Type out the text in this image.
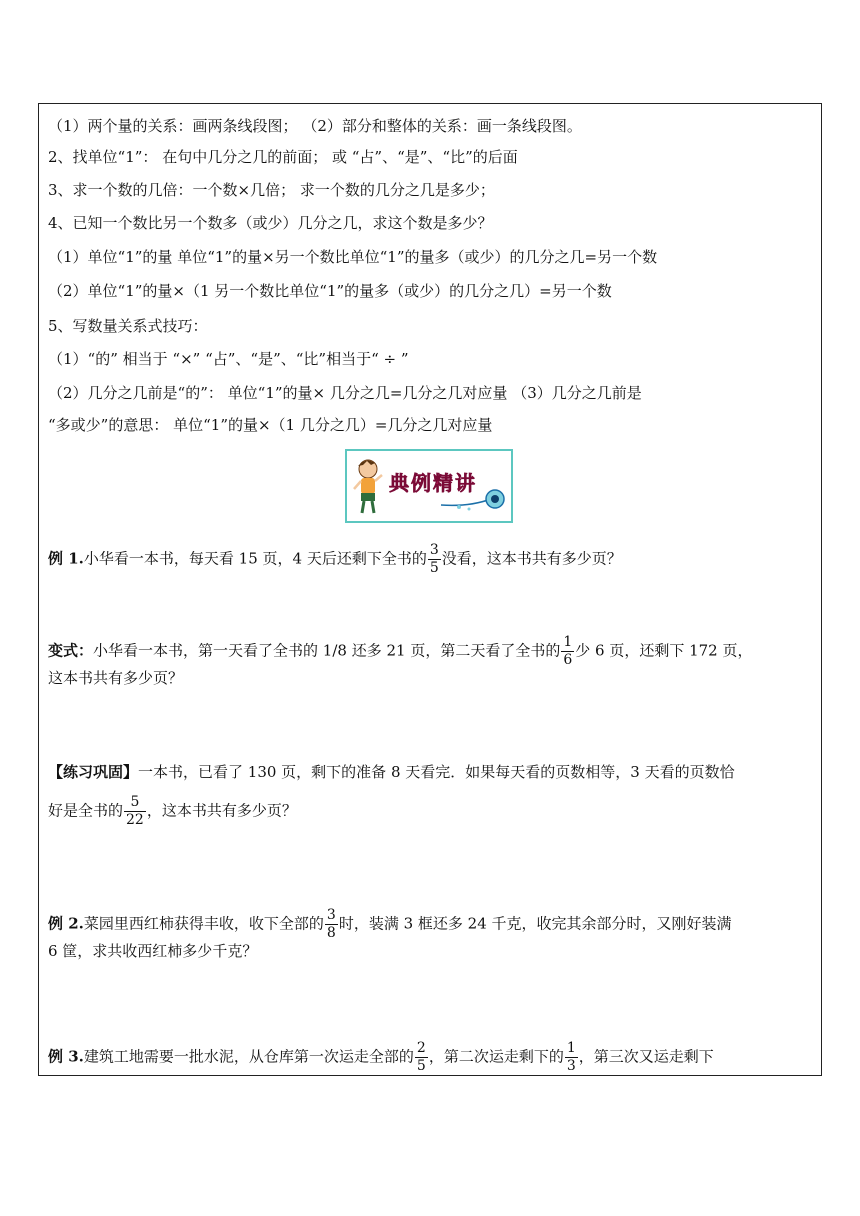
（1）两个量的关系：画两条线段图； （2）部分和整体的关系：画一条线段图。
2、找单位“1”： 在句中几分之几的前面； 或 “占”、“是”、“比”的后面
3、求一个数的几倍：一个数×几倍； 求一个数的几分之几是多少；
4、已知一个数比另一个数多（或少）几分之几，求这个数是多少？
（1）单位“1”的量 单位“1”的量×另一个数比单位“1”的量多（或少）的几分之几=另一个数
（2）单位“1”的量×（1 另一个数比单位“1”的量多（或少）的几分之几）=另一个数
5、写数量关系式技巧：
（1）“的” 相当于 “×” “占”、“是”、“比”相当于“ ÷ ”
（2）几分之几前是“的”： 单位“1”的量× 几分之几=几分之几对应量 （3）几分之几前是
“多或少”的意思： 单位“1”的量×（1 几分之几）=几分之几对应量
典例精讲
例 1.小华看一本书，每天看 15 页，4 天后还剩下全书的 $\frac{3}{5}$ 没看，这本书共有多少页？
变式：小华看一本书，第一天看了全书的 1/8 还多 21 页，第二天看了全书的 $\frac{1}{6}$ 少 6 页，还剩下 172 页，
这本书共有多少页？
【练习巩固】一本书，已看了 130 页，剩下的准备 8 天看完．如果每天看的页数相等，3 天看的页数恰
好是全书的 $\frac{5}{22}$ ，这本书共有多少页？
例 2.菜园里西红柿获得丰收，收下全部的 $\frac{3}{8}$ 时，装满 3 框还多 24 千克，收完其余部分时，又刚好装满
6 筐，求共收西红柿多少千克？
例 3.建筑工地需要一批水泥，从仓库第一次运走全部的 $\frac{2}{5}$ ，第二次运走剩下的 $\frac{1}{3}$ ，第三次又运走剩下
